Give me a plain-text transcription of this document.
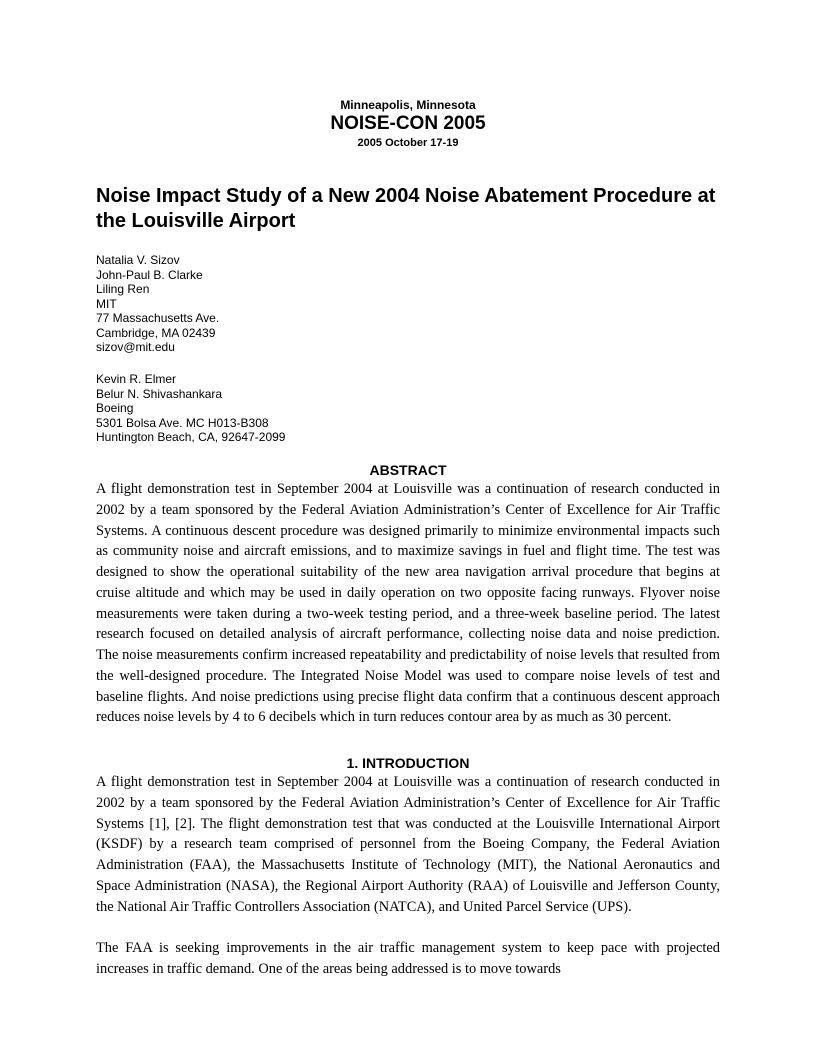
Minneapolis, Minnesota
NOISE-CON 2005
2005 October 17-19
Noise Impact Study of a New 2004 Noise Abatement Procedure at the Louisville Airport
Natalia V. Sizov
John-Paul B. Clarke
Liling Ren
MIT
77 Massachusetts Ave.
Cambridge, MA 02439
sizov@mit.edu
Kevin R. Elmer
Belur N. Shivashankara
Boeing
5301 Bolsa Ave. MC H013-B308
Huntington Beach, CA, 92647-2099
ABSTRACT

A flight demonstration test in September 2004 at Louisville was a continuation of research conducted in 2002 by a team sponsored by the Federal Aviation Administration’s Center of Excellence for Air Traffic Systems. A continuous descent procedure was designed primarily to minimize environmental impacts such as community noise and aircraft emissions, and to maximize savings in fuel and flight time. The test was designed to show the operational suitability of the new area navigation arrival procedure that begins at cruise altitude and which may be used in daily operation on two opposite facing runways. Flyover noise measurements were taken during a two-week testing period, and a three-week baseline period. The latest research focused on detailed analysis of aircraft performance, collecting noise data and noise prediction. The noise measurements confirm increased repeatability and predictability of noise levels that resulted from the well-designed procedure. The Integrated Noise Model was used to compare noise levels of test and baseline flights. And noise predictions using precise flight data confirm that a continuous descent approach reduces noise levels by 4 to 6 decibels which in turn reduces contour area by as much as 30 percent.

1. INTRODUCTION

A flight demonstration test in September 2004 at Louisville was a continuation of research conducted in 2002 by a team sponsored by the Federal Aviation Administration’s Center of Excellence for Air Traffic Systems [1], [2]. The flight demonstration test that was conducted at the Louisville International Airport (KSDF) by a research team comprised of personnel from the Boeing Company, the Federal Aviation Administration (FAA), the Massachusetts Institute of Technology (MIT), the National Aeronautics and Space Administration (NASA), the Regional Airport Authority (RAA) of Louisville and Jefferson County, the National Air Traffic Controllers Association (NATCA), and United Parcel Service (UPS).

The FAA is seeking improvements in the air traffic management system to keep pace with projected increases in traffic demand. One of the areas being addressed is to move towards
